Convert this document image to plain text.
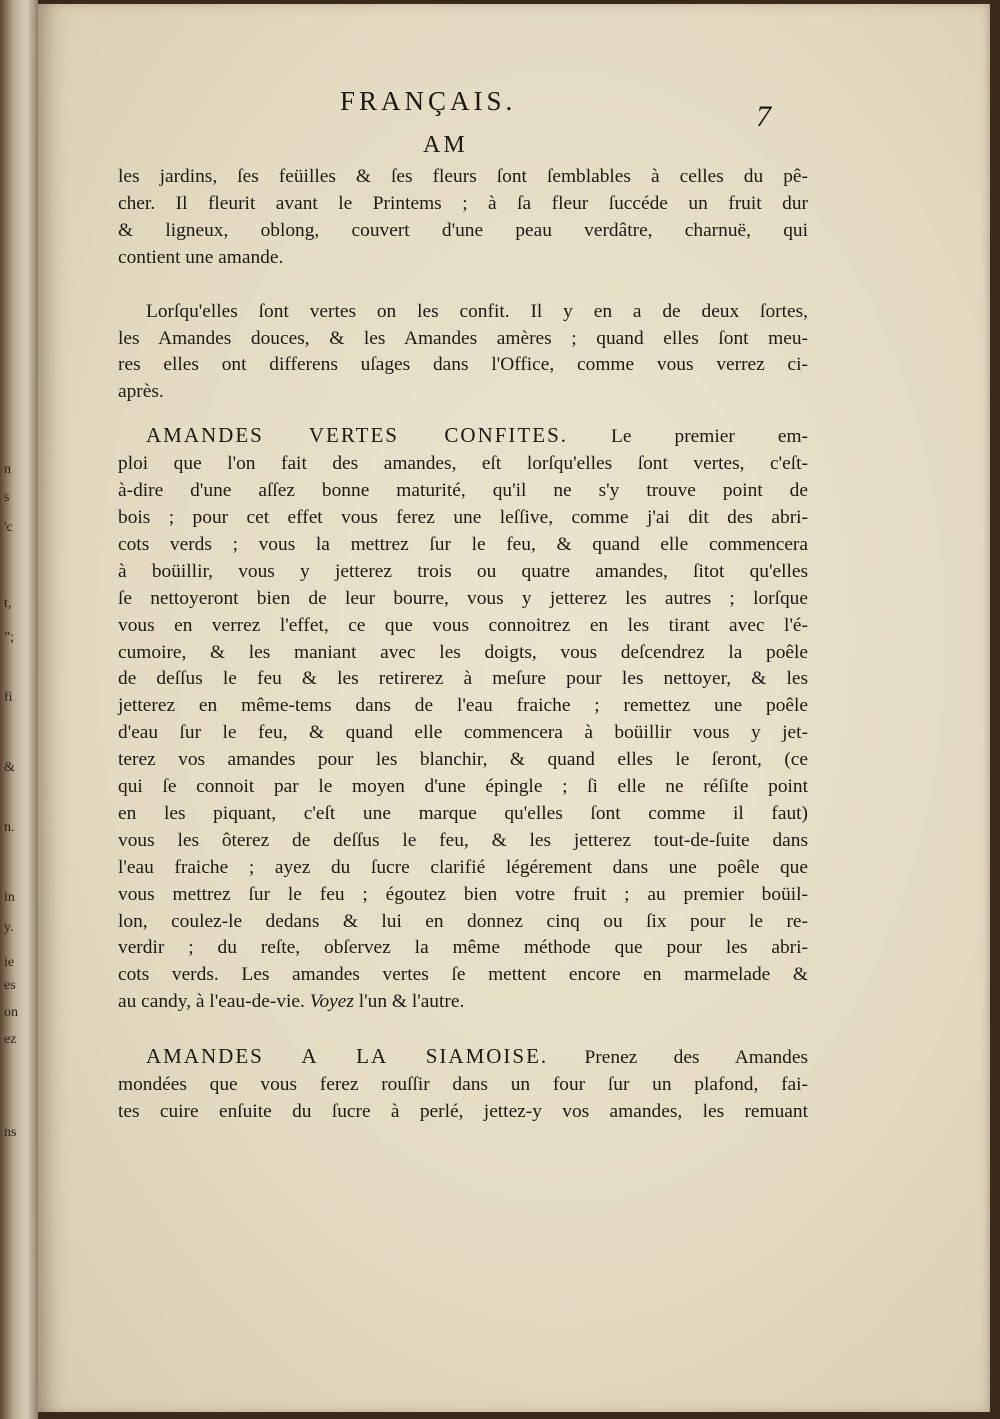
n
s
'c
t,
”;
fi
&
n.
in
y.
ie
es
on
ez
ns
FRANÇAIS.	7
AM
les jardins, ſes feüilles & ſes fleurs ſont ſemblables à celles du pê-
cher. Il fleurit avant le Printems ; à ſa fleur ſuccéde un fruit dur
& ligneux, oblong, couvert d'une peau verdâtre, charnuë, qui
contient une amande.
Lorſqu'elles ſont vertes on les confit. Il y en a de deux ſortes,
les Amandes douces, & les Amandes amères ; quand elles ſont meu-
res elles ont differens uſages dans l'Office, comme vous verrez ci-
après.
AMANDES VERTES CONFITES. Le premier em-
ploi que l'on fait des amandes, eſt lorſqu'elles ſont vertes, c'eſt-
à-dire d'une aſſez bonne maturité, qu'il ne s'y trouve point de
bois ; pour cet effet vous ferez une leſſive, comme j'ai dit des abri-
cots verds ; vous la mettrez ſur le feu, & quand elle commencera
à boüillir, vous y jetterez trois ou quatre amandes, ſitot qu'elles
ſe nettoyeront bien de leur bourre, vous y jetterez les autres ; lorſque
vous en verrez l'effet, ce que vous connoitrez en les tirant avec l'é-
cumoire, & les maniant avec les doigts, vous deſcendrez la poêle
de deſſus le feu & les retirerez à meſure pour les nettoyer, & les
jetterez en même-tems dans de l'eau fraiche ; remettez une poêle
d'eau ſur le feu, & quand elle commencera à boüillir vous y jet-
terez vos amandes pour les blanchir, & quand elles le ſeront, (ce
qui ſe connoit par le moyen d'une épingle ; ſi elle ne réſiſte point
en les piquant, c'eſt une marque qu'elles ſont comme il faut)
vous les ôterez de deſſus le feu, & les jetterez tout-de-ſuite dans
l'eau fraiche ; ayez du ſucre clarifié légérement dans une poêle que
vous mettrez ſur le feu ; égoutez bien votre fruit ; au premier boüil-
lon, coulez-le dedans & lui en donnez cinq ou ſix pour le re-
verdir ; du reſte, obſervez la même méthode que pour les abri-
cots verds. Les amandes vertes ſe mettent encore en marmelade &
au candy, à l'eau-de-vie. Voyez l'un & l'autre.
AMANDES A LA SIAMOISE. Prenez des Amandes
mondées que vous ferez rouſſir dans un four ſur un plafond, fai-
tes cuire enſuite du ſucre à perlé, jettez-y vos amandes, les remuant
